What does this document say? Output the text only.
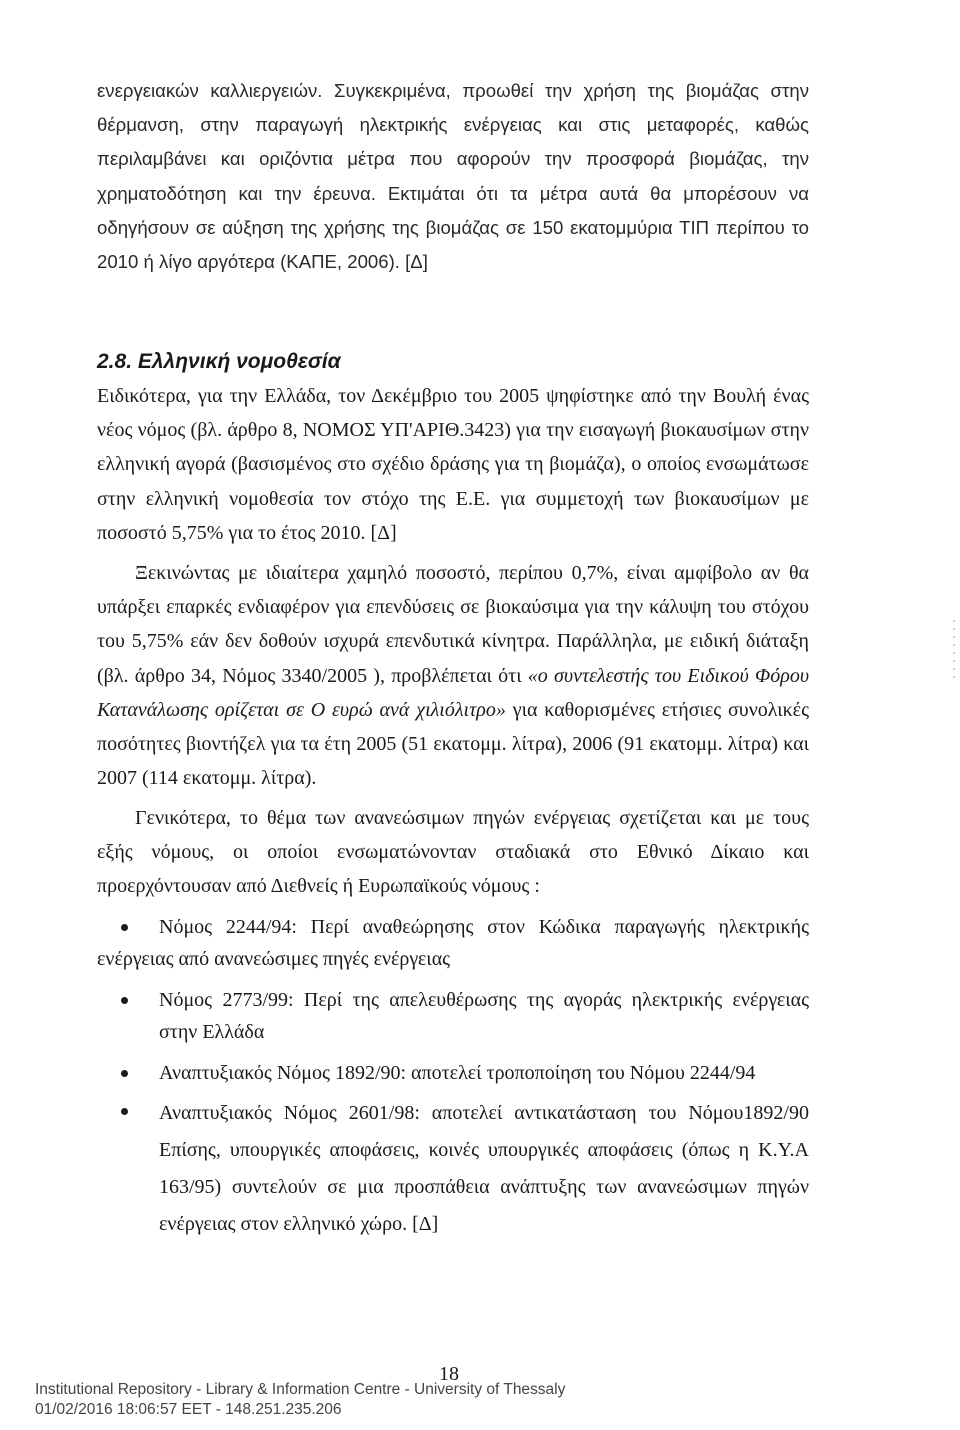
ενεργειακών καλλιεργειών. Συγκεκριμένα, προωθεί την χρήση της βιομάζας στην θέρμανση, στην παραγωγή ηλεκτρικής ενέργειας και στις μεταφορές, καθώς περιλαμβάνει και οριζόντια μέτρα που αφορούν την προσφορά βιομάζας, την χρηματοδότηση και την έρευνα. Εκτιμάται ότι τα μέτρα αυτά θα μπορέσουν να οδηγήσουν σε αύξηση της χρήσης της βιομάζας σε 150 εκατομμύρια ΤΙΠ περίπου το 2010 ή λίγο αργότερα (ΚΑΠΕ, 2006). [Δ]

2.8. Ελληνική νομοθεσία

Ειδικότερα, για την Ελλάδα, τον Δεκέμβριο του 2005 ψηφίστηκε από την Βουλή ένας νέος νόμος (βλ. άρθρο 8, ΝΟΜΟΣ ΥΠ'ΑΡΙΘ.3423) για την εισαγωγή βιοκαυσίμων στην ελληνική αγορά (βασισμένος στο σχέδιο δράσης για τη βιομάζα), ο οποίος ενσωμάτωσε στην ελληνική νομοθεσία τον στόχο της Ε.Ε. για συμμετοχή των βιοκαυσίμων με ποσοστό 5,75% για το έτος 2010. [Δ]

Ξεκινώντας με ιδιαίτερα χαμηλό ποσοστό, περίπου 0,7%, είναι αμφίβολο αν θα υπάρξει επαρκές ενδιαφέρον για επενδύσεις σε βιοκαύσιμα για την κάλυψη του στόχου του 5,75% εάν δεν δοθούν ισχυρά επενδυτικά κίνητρα. Παράλληλα, με ειδική διάταξη (βλ. άρθρο 34, Νόμος 3340/2005 ), προβλέπεται ότι «ο συντελεστής του Ειδικού Φόρου Κατανάλωσης ορίζεται σε Ο ευρώ ανά χιλιόλιτρο» για καθορισμένες ετήσιες συνολικές ποσότητες βιοντήζελ για τα έτη 2005 (51 εκατομμ. λίτρα), 2006 (91 εκατομμ. λίτρα) και 2007 (114 εκατομμ. λίτρα).

Γενικότερα, το θέμα των ανανεώσιμων πηγών ενέργειας σχετίζεται και με τους εξής νόμους, οι οποίοι ενσωματώνονταν σταδιακά στο Εθνικό Δίκαιο και προερχόντουσαν από Διεθνείς ή Ευρωπαϊκούς νόμους :

Νόμος 2244/94: Περί αναθεώρησης στον Κώδικα παραγωγής ηλεκτρικής ενέργειας από ανανεώσιμες πηγές ενέργειας
Νόμος 2773/99: Περί της απελευθέρωσης της αγοράς ηλεκτρικής ενέργειας στην Ελλάδα
Αναπτυξιακός Νόμος 1892/90: αποτελεί τροποποίηση του Νόμου 2244/94
Αναπτυξιακός Νόμος 2601/98: αποτελεί αντικατάσταση του Νόμου1892/90 Επίσης, υπουργικές αποφάσεις, κοινές υπουργικές αποφάσεις (όπως η Κ.Υ.Α 163/95) συντελούν σε μια προσπάθεια ανάπτυξης των ανανεώσιμων πηγών ενέργειας στον ελληνικό χώρο. [Δ]

18

Institutional Repository - Library & Information Centre - University of Thessaly

01/02/2016 18:06:57 EET - 148.251.235.206
